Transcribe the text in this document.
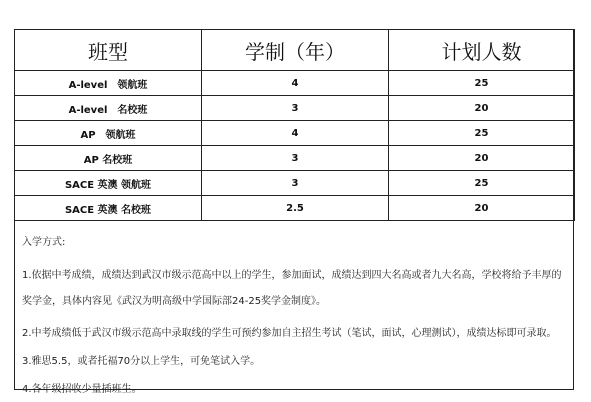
班型	学制（年）	计划人数
A-level　领航班	4	25
A-level　名校班	3	20
AP　领航班	4	25
AP 名校班	3	20
SACE 英澳 领航班	3	25
SACE 英澳 名校班	2.5	20
入学方式:
1.依据中考成绩，成绩达到武汉市级示范高中以上的学生，参加面试，成绩达到四大名高或者九大名高，学校将给予丰厚的奖学金，具体内容见《武汉为明高级中学国际部24-25奖学金制度》。
2.中考成绩低于武汉市级示范高中录取线的学生可预约参加自主招生考试（笔试，面试，心理测试），成绩达标即可录取。
3.雅思5.5，或者托福70分以上学生，可免笔试入学。
4.各年级招收少量插班生。
